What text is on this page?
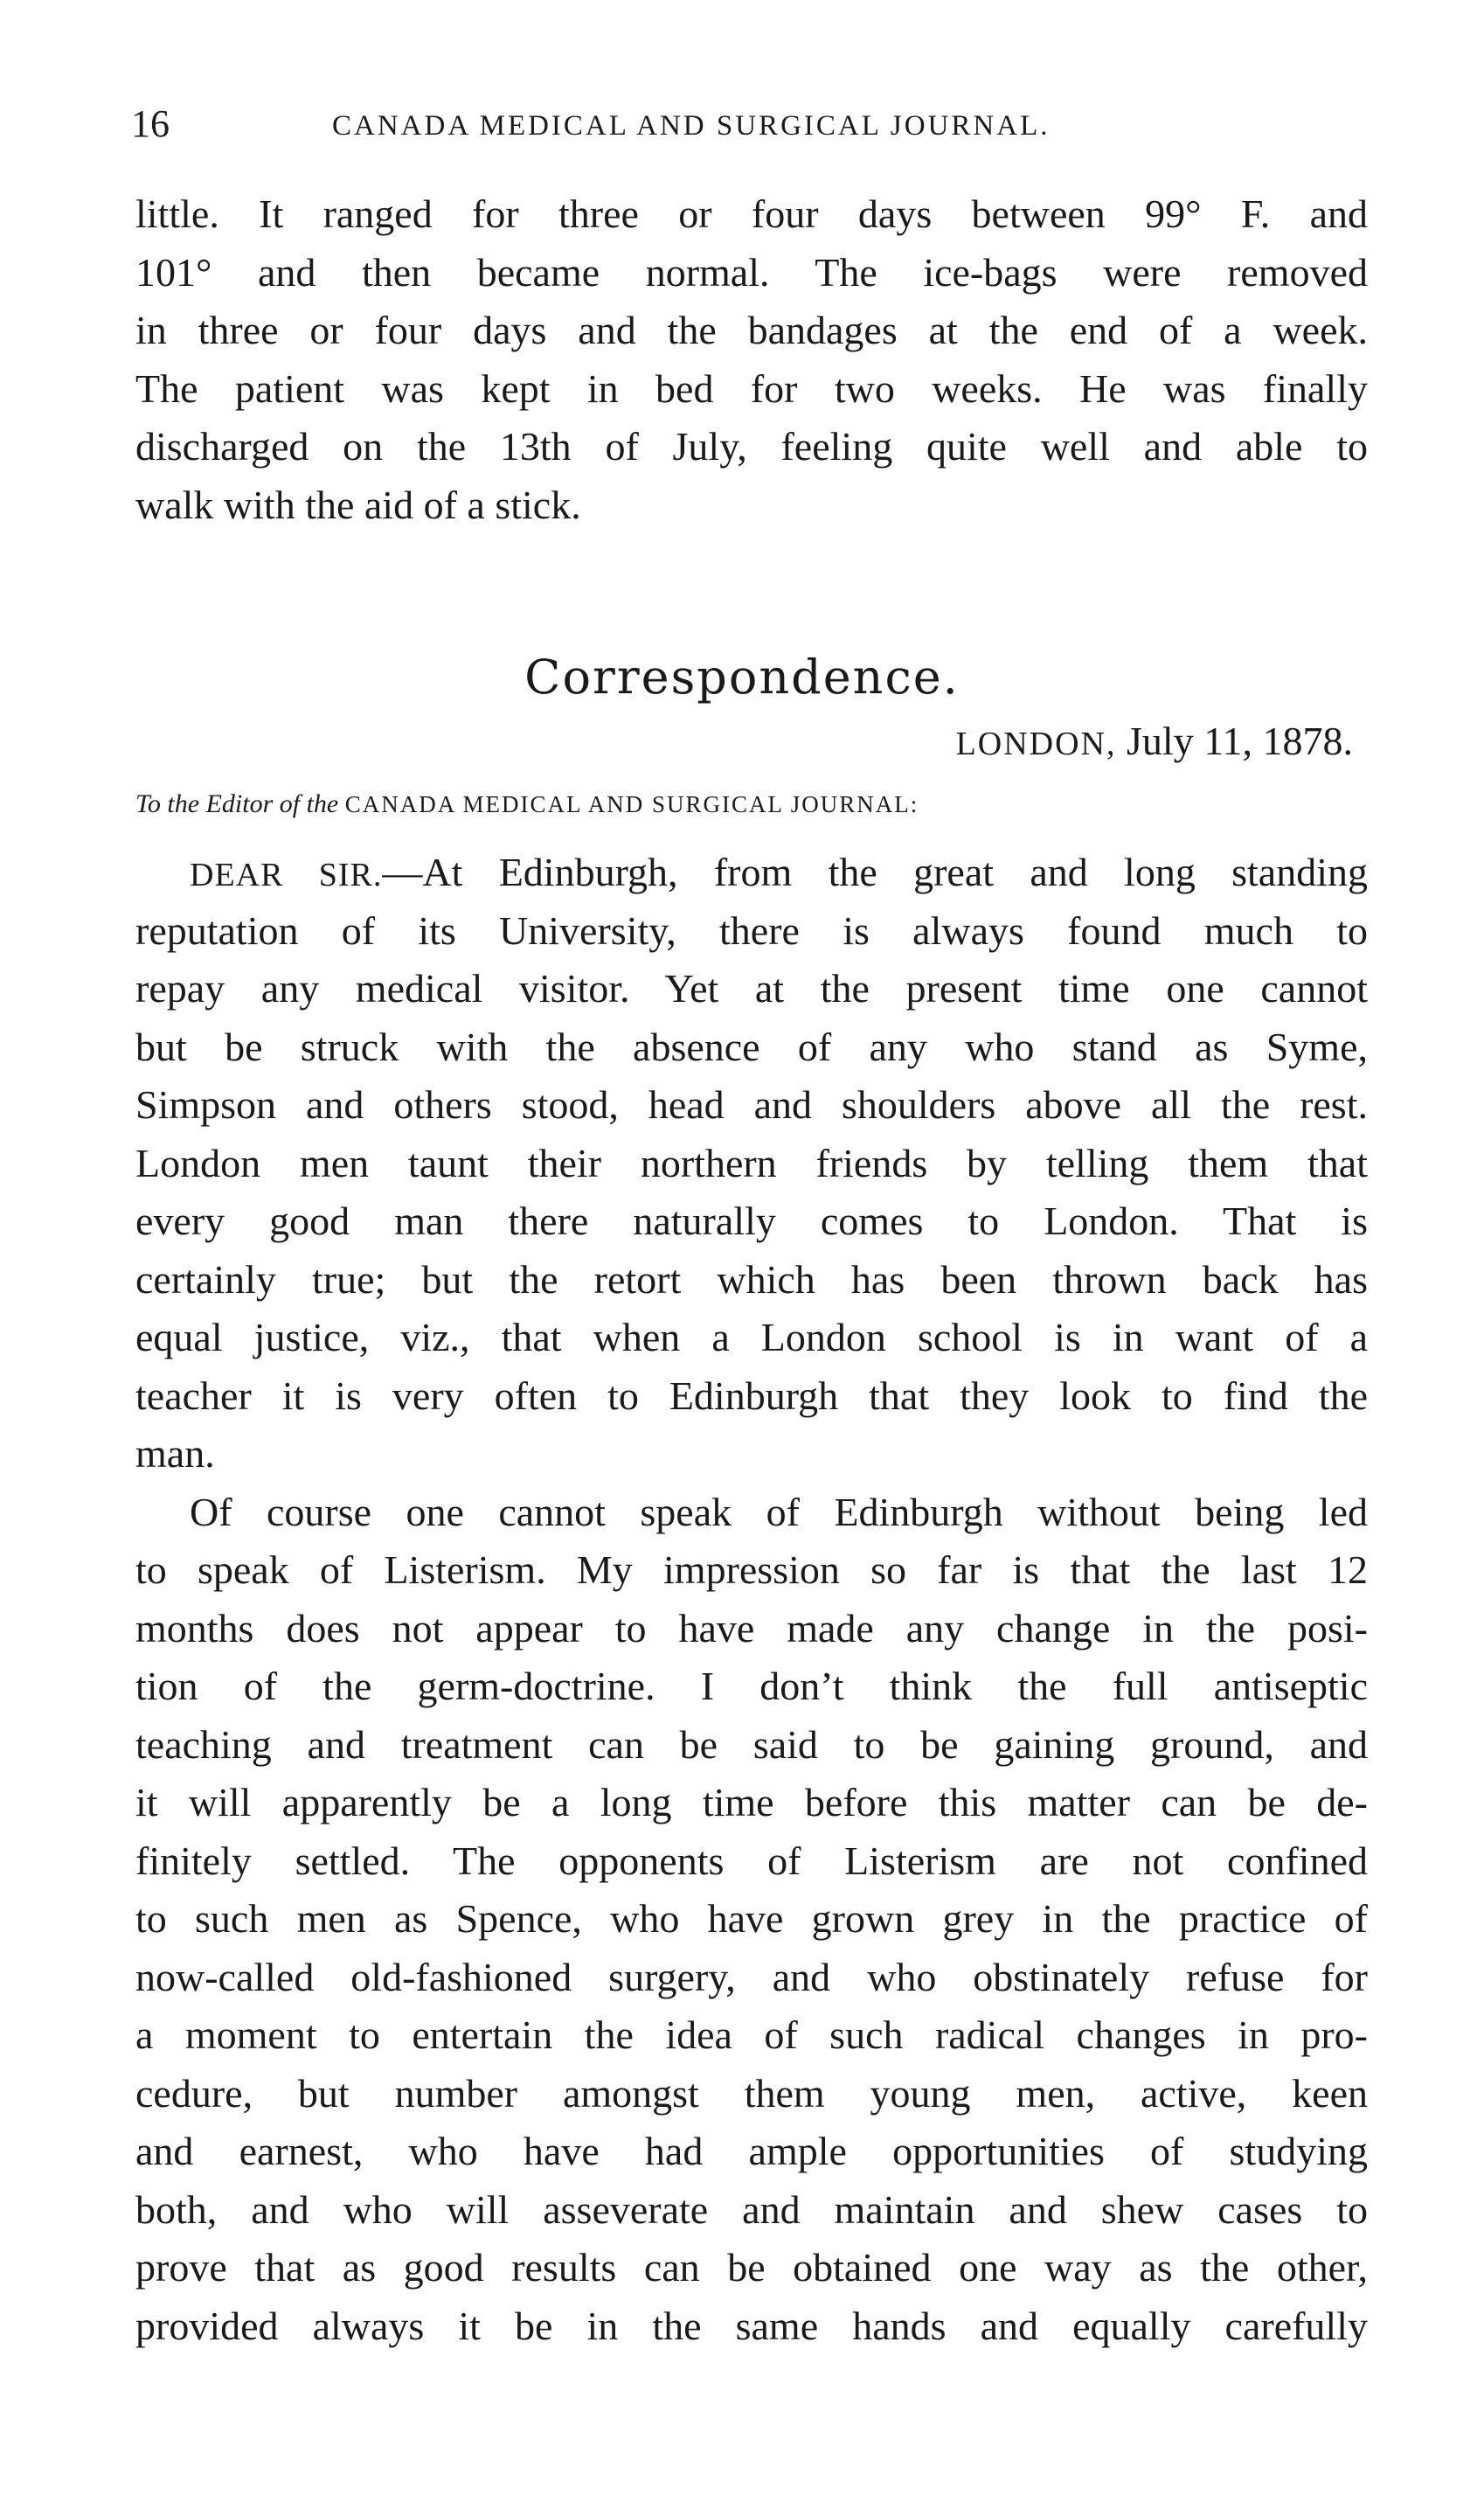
16	CANADA MEDICAL AND SURGICAL JOURNAL.

little. It ranged for three or four days between 99° F. and
101° and then became normal. The ice-bags were removed
in three or four days and the bandages at the end of a week.
The patient was kept in bed for two weeks. He was finally
discharged on the 13th of July, feeling quite well and able to
walk with the aid of a stick.

Correspondence.
LONDON, July 11, 1878.
To the Editor of the CANADA MEDICAL AND SURGICAL JOURNAL:

DEAR SIR.—At Edinburgh, from the great and long standing
reputation of its University, there is always found much to
repay any medical visitor. Yet at the present time one cannot
but be struck with the absence of any who stand as Syme,
Simpson and others stood, head and shoulders above all the rest.
London men taunt their northern friends by telling them that
every good man there naturally comes to London. That is
certainly true; but the retort which has been thrown back has
equal justice, viz., that when a London school is in want of a
teacher it is very often to Edinburgh that they look to find the
man.

Of course one cannot speak of Edinburgh without being led
to speak of Listerism. My impression so far is that the last 12
months does not appear to have made any change in the posi-
tion of the germ-doctrine. I don’t think the full antiseptic
teaching and treatment can be said to be gaining ground, and
it will apparently be a long time before this matter can be de-
finitely settled. The opponents of Listerism are not confined
to such men as Spence, who have grown grey in the practice of
now-called old-fashioned surgery, and who obstinately refuse for
a moment to entertain the idea of such radical changes in pro-
cedure, but number amongst them young men, active, keen
and earnest, who have had ample opportunities of studying
both, and who will asseverate and maintain and shew cases to
prove that as good results can be obtained one way as the other,
provided always it be in the same hands and equally carefully
